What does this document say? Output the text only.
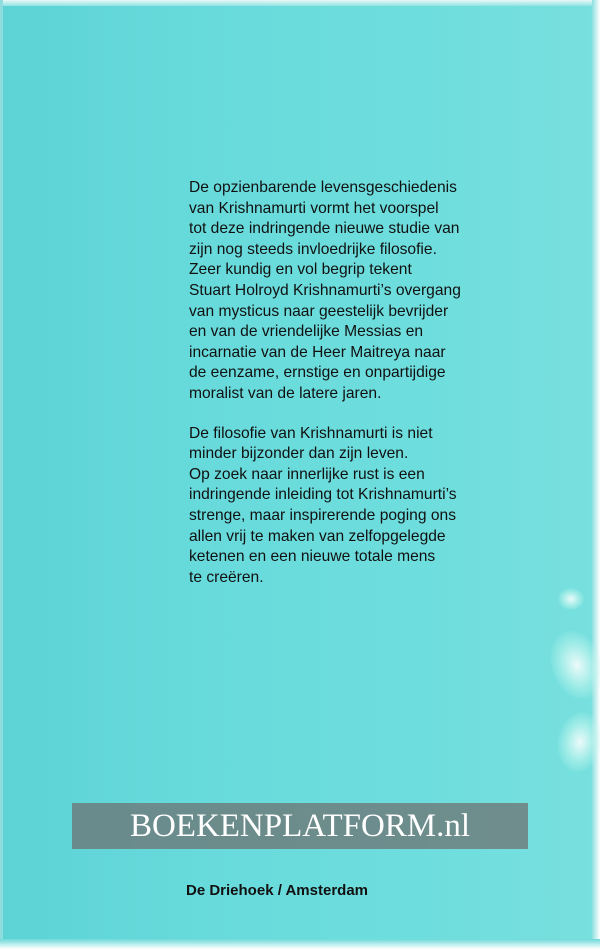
De opzienbarende levensgeschiedenis
van Krishnamurti vormt het voorspel
tot deze indringende nieuwe studie van
zijn nog steeds invloedrijke filosofie.
Zeer kundig en vol begrip tekent
Stuart Holroyd Krishnamurti’s overgang
van mysticus naar geestelijk bevrijder
en van de vriendelijke Messias en
incarnatie van de Heer Maitreya naar
de eenzame, ernstige en onpartijdige
moralist van de latere jaren.

De filosofie van Krishnamurti is niet
minder bijzonder dan zijn leven.
Op zoek naar innerlijke rust is een
indringende inleiding tot Krishnamurti’s
strenge, maar inspirerende poging ons
allen vrij te maken van zelfopgelegde
ketenen en een nieuwe totale mens
te creëren.

BOEKENPLATFORM.nl
De Driehoek / Amsterdam
